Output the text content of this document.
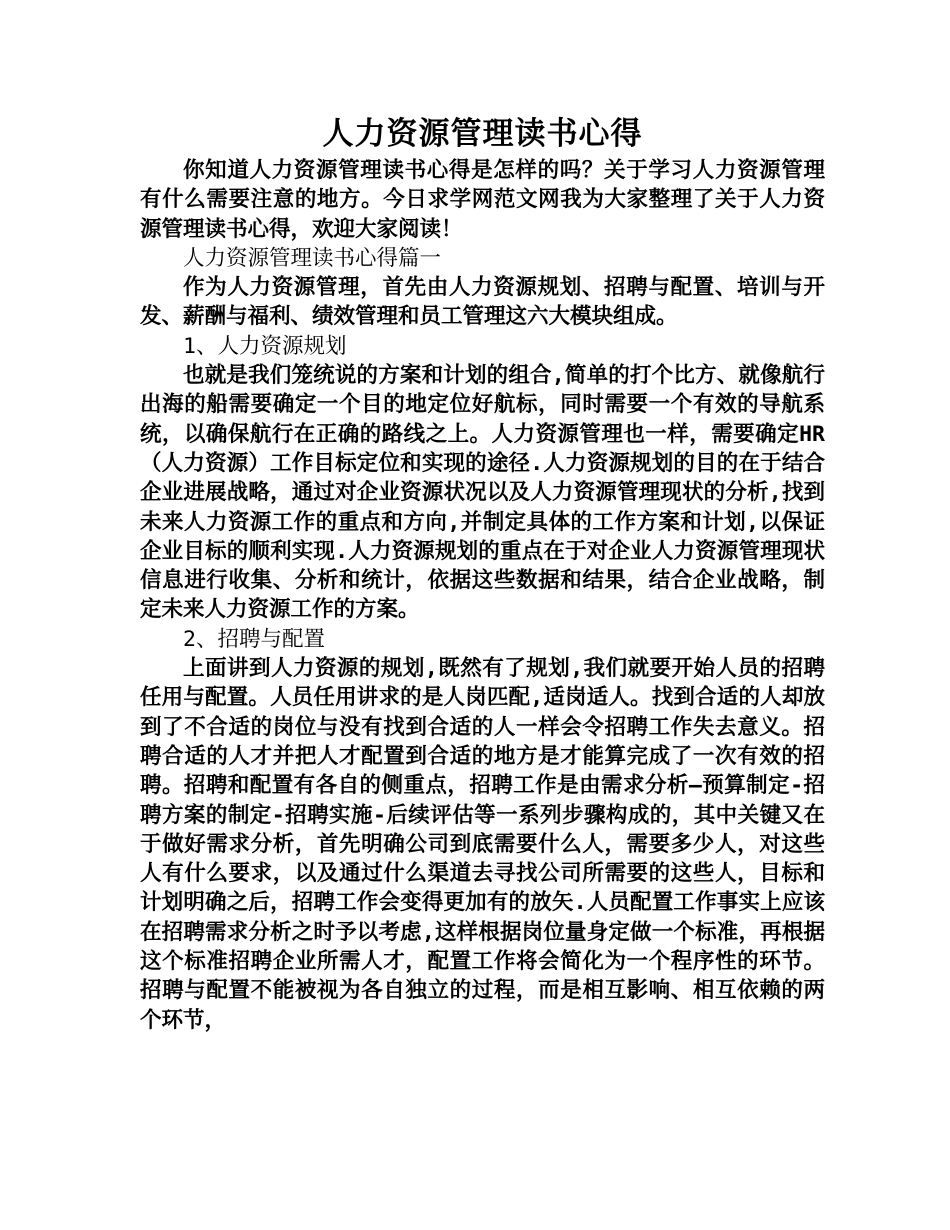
人力资源管理读书心得

你知道人力资源管理读书心得是怎样的吗？关于学习人力资源管理有什么需要注意的地方。今日求学网范文网我为大家整理了关于人力资源管理读书心得，欢迎大家阅读！

人力资源管理读书心得篇一

作为人力资源管理，首先由人力资源规划、招聘与配置、培训与开发、薪酬与福利、绩效管理和员工管理这六大模块组成。

1、人力资源规划

也就是我们笼统说的方案和计划的组合,简单的打个比方、就像航行出海的船需要确定一个目的地定位好航标，同时需要一个有效的导航系统，以确保航行在正确的路线之上。人力资源管理也一样，需要确定HR（人力资源）工作目标定位和实现的途径.人力资源规划的目的在于结合企业进展战略，通过对企业资源状况以及人力资源管理现状的分析,找到未来人力资源工作的重点和方向,并制定具体的工作方案和计划,以保证企业目标的顺利实现.人力资源规划的重点在于对企业人力资源管理现状信息进行收集、分析和统计，依据这些数据和结果，结合企业战略，制定未来人力资源工作的方案。

2、招聘与配置

上面讲到人力资源的规划,既然有了规划,我们就要开始人员的招聘任用与配置。人员任用讲求的是人岗匹配,适岗适人。找到合适的人却放到了不合适的岗位与没有找到合适的人一样会令招聘工作失去意义。招聘合适的人才并把人才配置到合适的地方是才能算完成了一次有效的招聘。招聘和配置有各自的侧重点，招聘工作是由需求分析—预算制定-招聘方案的制定-招聘实施-后续评估等一系列步骤构成的，其中关键又在于做好需求分析，首先明确公司到底需要什么人，需要多少人，对这些人有什么要求，以及通过什么渠道去寻找公司所需要的这些人，目标和计划明确之后，招聘工作会变得更加有的放矢.人员配置工作事实上应该在招聘需求分析之时予以考虑,这样根据岗位量身定做一个标准，再根据这个标准招聘企业所需人才，配置工作将会简化为一个程序性的环节。招聘与配置不能被视为各自独立的过程，而是相互影响、相互依赖的两个环节，
